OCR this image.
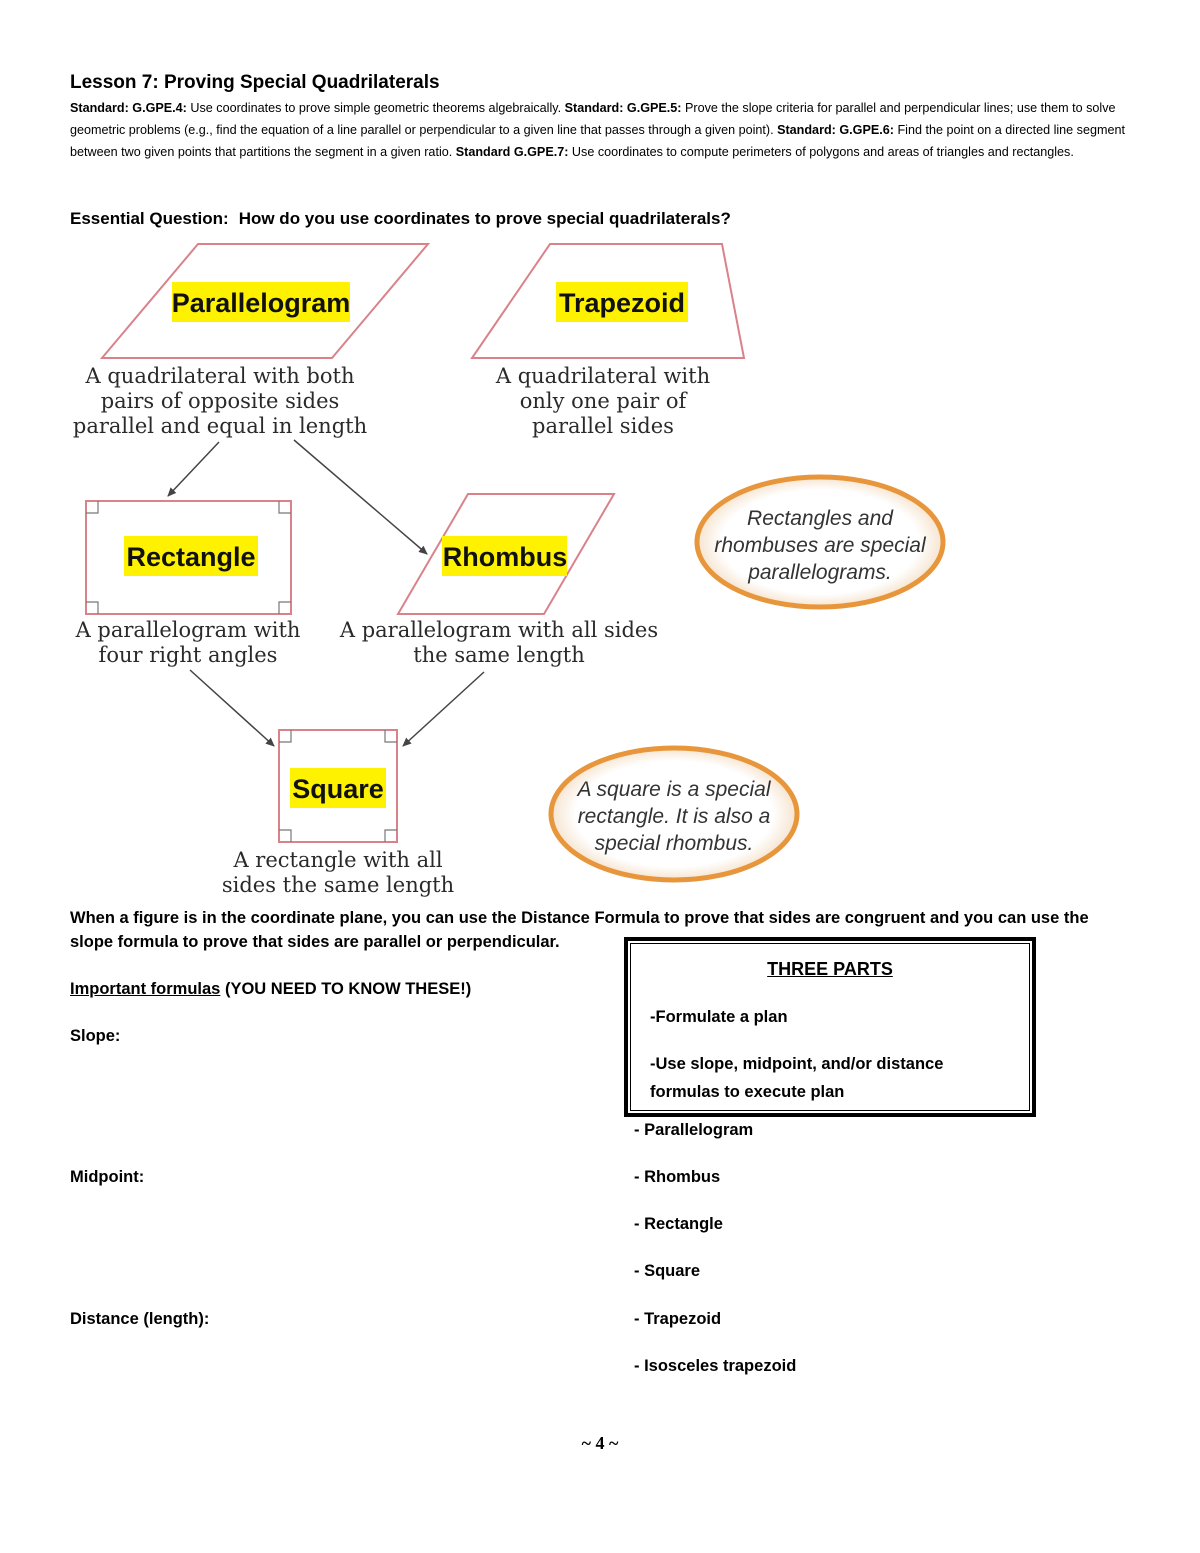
Lesson 7: Proving Special Quadrilaterals
Standard: G.GPE.4: Use coordinates to prove simple geometric theorems algebraically. Standard: G.GPE.5: Prove the slope criteria for parallel and perpendicular lines; use them to solve geometric problems (e.g., find the equation of a line parallel or perpendicular to a given line that passes through a given point). Standard: G.GPE.6: Find the point on a directed line segment between two given points that partitions the segment in a given ratio. Standard G.GPE.7: Use coordinates to compute perimeters of polygons and areas of triangles and rectangles.
Essential Question: How do you use coordinates to prove special quadrilaterals?
Parallelogram
A quadrilateral with both
pairs of opposite sides
parallel and equal in length
Trapezoid
A quadrilateral with
only one pair of
parallel sides
Rectangle
A parallelogram with
four right angles
Rhombus
A parallelogram with all sides
the same length
Rectangles and
rhombuses are special
parallelograms.
Square
A rectangle with all
sides the same length
A square is a special
rectangle. It is also a
special rhombus.
When a figure is in the coordinate plane, you can use the Distance Formula to prove that sides are congruent and you can use the slope formula to prove that sides are parallel or perpendicular.
Important formulas (YOU NEED TO KNOW THESE!)
Slope:
Midpoint:
Distance (length):
THREE PARTS
-Formulate a plan
-Use slope, midpoint, and/or distance formulas to execute plan
- Parallelogram
- Rhombus
- Rectangle
- Square
- Trapezoid
- Isosceles trapezoid
~ 4 ~
